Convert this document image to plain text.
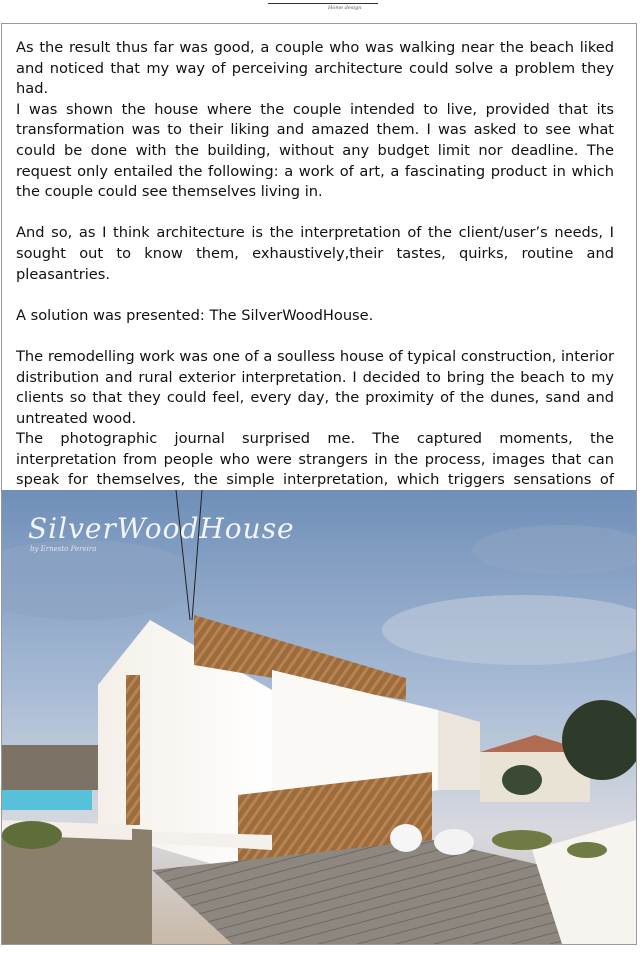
Home design

As the result thus far was good, a couple who was walking near the beach liked and noticed that my way of perceiving architecture could solve a problem they had.
I was shown the house where the couple intended to live, provided that its transformation was to their liking and amazed them. I was asked to see what could be done with the building, without any budget limit nor deadline. The request only entailed the following: a work of art, a fascinating product in which the couple could see themselves living in.

And so, as I think architecture is the interpretation of the client/user’s needs, I sought out to know them, exhaustively,their tastes, quirks, routine and pleasantries.

A solution was presented: The SilverWoodHouse.

The remodelling work was one of a soulless house of typical construction, interior distribution and rural exterior interpretation. I decided to bring the beach to my clients so that they could feel, every day, the proximity of the dunes, sand and untreated wood.
The photographic journal surprised me. The captured moments, the interpretation from people who were strangers in the process, images that can speak for themselves, the simple interpretation, which triggers sensations of

SilverWoodHouse
by Ernesto Pereira
